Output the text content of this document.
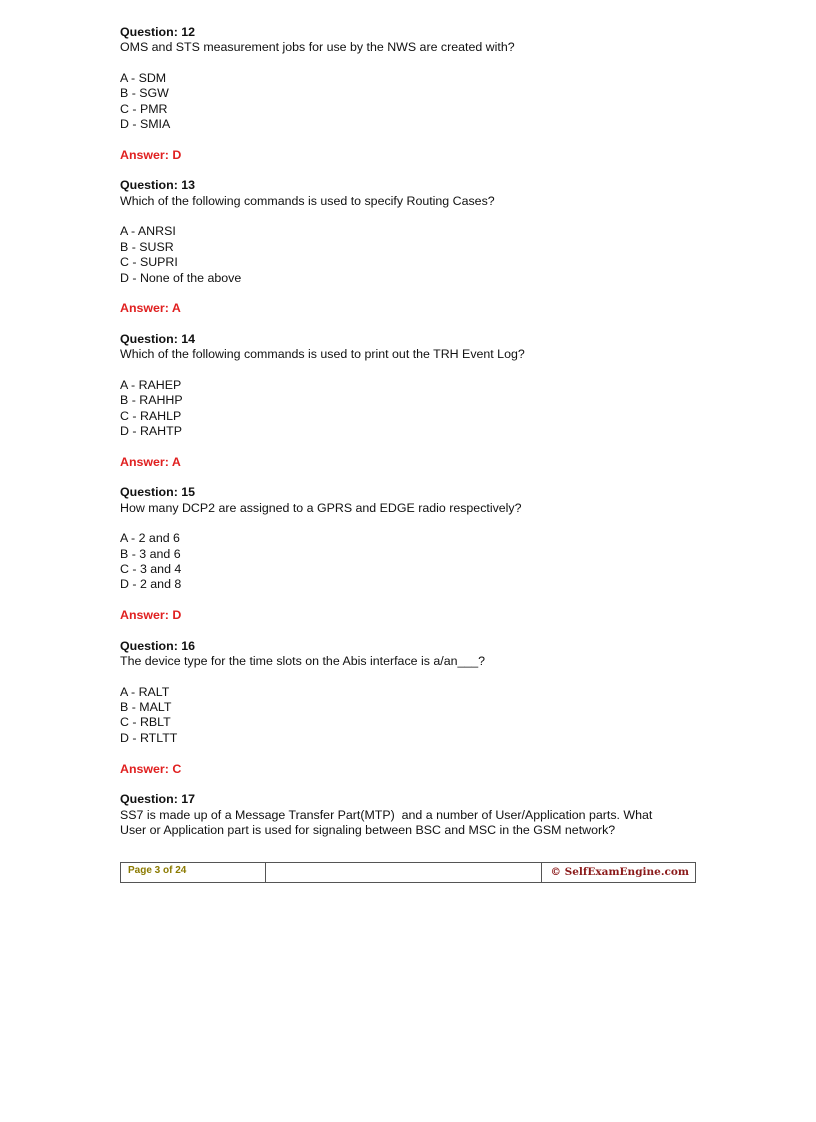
Question: 12
OMS and STS measurement jobs for use by the NWS are created with?
A - SDM
B - SGW
C - PMR
D - SMIA
Answer: D
Question: 13
Which of the following commands is used to specify Routing Cases?
A - ANRSI
B - SUSR
C - SUPRI
D - None of the above
Answer: A
Question: 14
Which of the following commands is used to print out the TRH Event Log?
A - RAHEP
B - RAHHP
C - RAHLP
D - RAHTP
Answer: A
Question: 15
How many DCP2 are assigned to a GPRS and EDGE radio respectively?
A - 2 and 6
B - 3 and 6
C - 3 and 4
D - 2 and 8
Answer: D
Question: 16
The device type for the time slots on the Abis interface is a/an___?
A - RALT
B - MALT
C - RBLT
D - RTLTT
Answer: C
Question: 17
SS7 is made up of a Message Transfer Part(MTP)  and a number of User/Application parts. What
User or Application part is used for signaling between BSC and MSC in the GSM network?
Page 3 of 24	© SelfExamEngine.com
